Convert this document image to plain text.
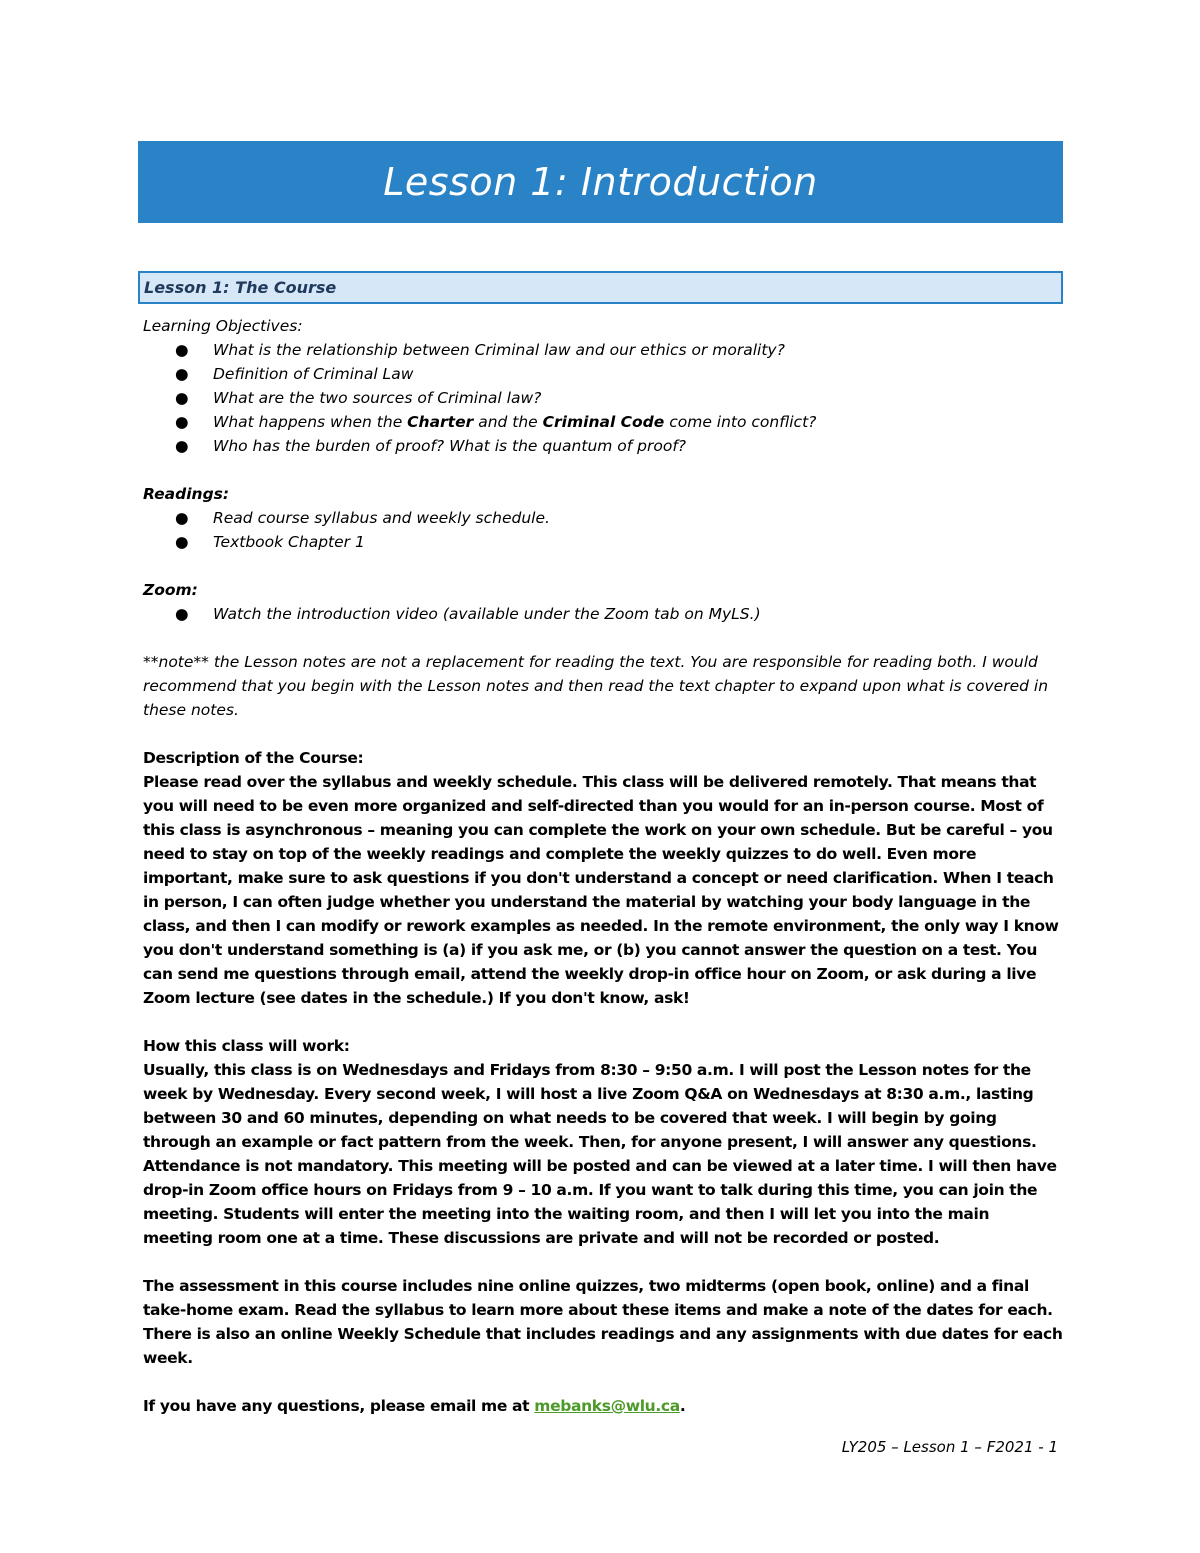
Lesson 1: Introduction
Lesson 1: The Course

Learning Objectives:

● What is the relationship between Criminal law and our ethics or morality?
● Definition of Criminal Law
● What are the two sources of Criminal law?
● What happens when the Charter and the Criminal Code come into conflict?
● Who has the burden of proof? What is the quantum of proof?

Readings:

● Read course syllabus and weekly schedule.
● Textbook Chapter 1

Zoom:

● Watch the introduction video (available under the Zoom tab on MyLS.)

**note** the Lesson notes are not a replacement for reading the text. You are responsible for reading both. I would recommend that you begin with the Lesson notes and then read the text chapter to expand upon what is covered in these notes.

Description of the Course:

Please read over the syllabus and weekly schedule. This class will be delivered remotely. That means that you will need to be even more organized and self-directed than you would for an in-person course. Most of this class is asynchronous – meaning you can complete the work on your own schedule. But be careful – you need to stay on top of the weekly readings and complete the weekly quizzes to do well. Even more important, make sure to ask questions if you don't understand a concept or need clarification. When I teach in person, I can often judge whether you understand the material by watching your body language in the class, and then I can modify or rework examples as needed. In the remote environment, the only way I know you don't understand something is (a) if you ask me, or (b) you cannot answer the question on a test. You can send me questions through email, attend the weekly drop-in office hour on Zoom, or ask during a live Zoom lecture (see dates in the schedule.) If you don't know, ask!

How this class will work:

Usually, this class is on Wednesdays and Fridays from 8:30 – 9:50 a.m. I will post the Lesson notes for the week by Wednesday. Every second week, I will host a live Zoom Q&A on Wednesdays at 8:30 a.m., lasting between 30 and 60 minutes, depending on what needs to be covered that week. I will begin by going through an example or fact pattern from the week. Then, for anyone present, I will answer any questions. Attendance is not mandatory. This meeting will be posted and can be viewed at a later time. I will then have drop-in Zoom office hours on Fridays from 9 – 10 a.m. If you want to talk during this time, you can join the meeting. Students will enter the meeting into the waiting room, and then I will let you into the main meeting room one at a time. These discussions are private and will not be recorded or posted.

The assessment in this course includes nine online quizzes, two midterms (open book, online) and a final take-home exam. Read the syllabus to learn more about these items and make a note of the dates for each. There is also an online Weekly Schedule that includes readings and any assignments with due dates for each week.

If you have any questions, please email me at mebanks@wlu.ca.

LY205 – Lesson 1 – F2021 - 1
